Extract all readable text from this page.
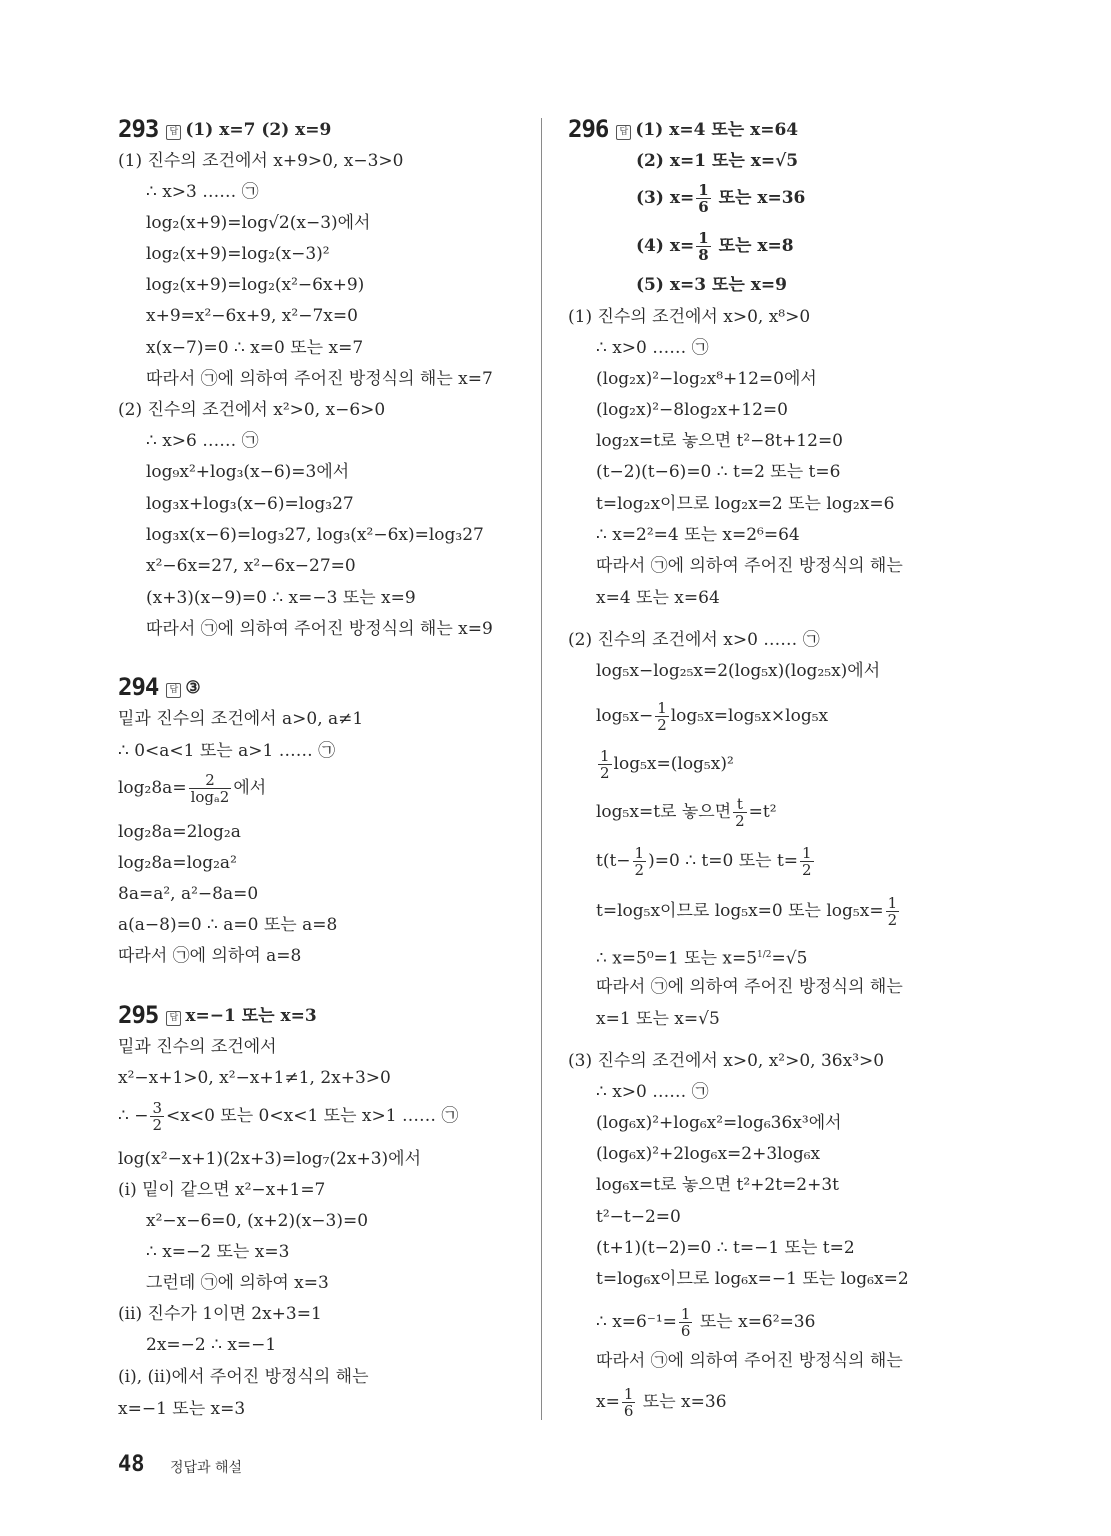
293 답 (1) x=7 (2) x=9
(1) 진수의 조건에서 x+9>0, x−3>0
∴ x>3 …… ㉠
log₂(x+9)=log√2(x−3)에서
log₂(x+9)=log₂(x−3)²
log₂(x+9)=log₂(x²−6x+9)
x+9=x²−6x+9, x²−7x=0
x(x−7)=0 ∴ x=0 또는 x=7
따라서 ㉠에 의하여 주어진 방정식의 해는 x=7
(2) 진수의 조건에서 x²>0, x−6>0
∴ x>6 …… ㉠
log₉x²+log₃(x−6)=3에서
log₃x+log₃(x−6)=log₃27
log₃x(x−6)=log₃27, log₃(x²−6x)=log₃27
x²−6x=27, x²−6x−27=0
(x+3)(x−9)=0 ∴ x=−3 또는 x=9
따라서 ㉠에 의하여 주어진 방정식의 해는 x=9
294 답 ③
밑과 진수의 조건에서 a>0, a≠1
∴ 0<a<1 또는 a>1 …… ㉠
$\log_28a= \frac{2}{\text{logₐ2}}$ 에서
log₂8a=2log₂a
log₂8a=log₂a²
8a=a², a²−8a=0
a(a−8)=0 ∴ a=0 또는 a=8
따라서 ㉠에 의하여 a=8
295 답 x=−1 또는 x=3
밑과 진수의 조건에서
x²−x+1>0, x²−x+1≠1, 2x+3>0
∴ − $\frac{3}{2} <x<0$ 또는 0<x<1 또는 x>1 …… ㉠
log(x²−x+1)(2x+3)=log₇(2x+3)에서
(ⅰ) 밑이 같으면 x²−x+1=7
x²−x−6=0, (x+2)(x−3)=0
∴ x=−2 또는 x=3
그런데 ㉠에 의하여 x=3
(ⅱ) 진수가 1이면 2x+3=1
2x=−2 ∴ x=−1
(ⅰ), (ⅱ)에서 주어진 방정식의 해는
x=−1 또는 x=3
296 답 (1) x=4 또는 x=64
(2) x=1 또는 x=√5
(3) $x= \frac{1}{6}$ 또는 x=36
(4) $x= \frac{1}{8}$ 또는 x=8
(5) x=3 또는 x=9
(1) 진수의 조건에서 x>0, x⁸>0
∴ x>0 …… ㉠
(log₂x)²−log₂x⁸+12=0에서
(log₂x)²−8log₂x+12=0
log₂x=t로 놓으면 t²−8t+12=0
(t−2)(t−6)=0 ∴ t=2 또는 t=6
t=log₂x이므로 log₂x=2 또는 log₂x=6
∴ x=2²=4 또는 x=2⁶=64
따라서 ㉠에 의하여 주어진 방정식의 해는
x=4 또는 x=64
(2) 진수의 조건에서 x>0 …… ㉠
log₅x−log₂₅x=2(log₅x)(log₂₅x)에서
$\log_5x- \frac{1}{2} \log_5x=\log_5x\times\log_5x$
$\frac{1}{2} \log_5x=(\log_5x)^2$
log₅x=t로 놓으면 $\frac{t}{2} =t^2$
$t(t- \frac{1}{2} )=0$ ∴ t=0 또는 $t= \frac{1}{2}$
t=log₅x이므로 log₅x=0 또는 $\log_5x= \frac{1}{2}$
∴ x=5⁰=1 또는 $x=5^{1/2}=√5$
따라서 ㉠에 의하여 주어진 방정식의 해는
x=1 또는 x=√5
(3) 진수의 조건에서 x>0, x²>0, 36x³>0
∴ x>0 …… ㉠
(log₆x)²+log₆x²=log₆36x³에서
(log₆x)²+2log₆x=2+3log₆x
log₆x=t로 놓으면 t²+2t=2+3t
t²−t−2=0
(t+1)(t−2)=0 ∴ t=−1 또는 t=2
t=log₆x이므로 log₆x=−1 또는 log₆x=2
∴ $x=6^{-1}= \frac{1}{6}$ 또는 x=6²=36
따라서 ㉠에 의하여 주어진 방정식의 해는
$x= \frac{1}{6}$ 또는 x=36
48 정답과 해설
